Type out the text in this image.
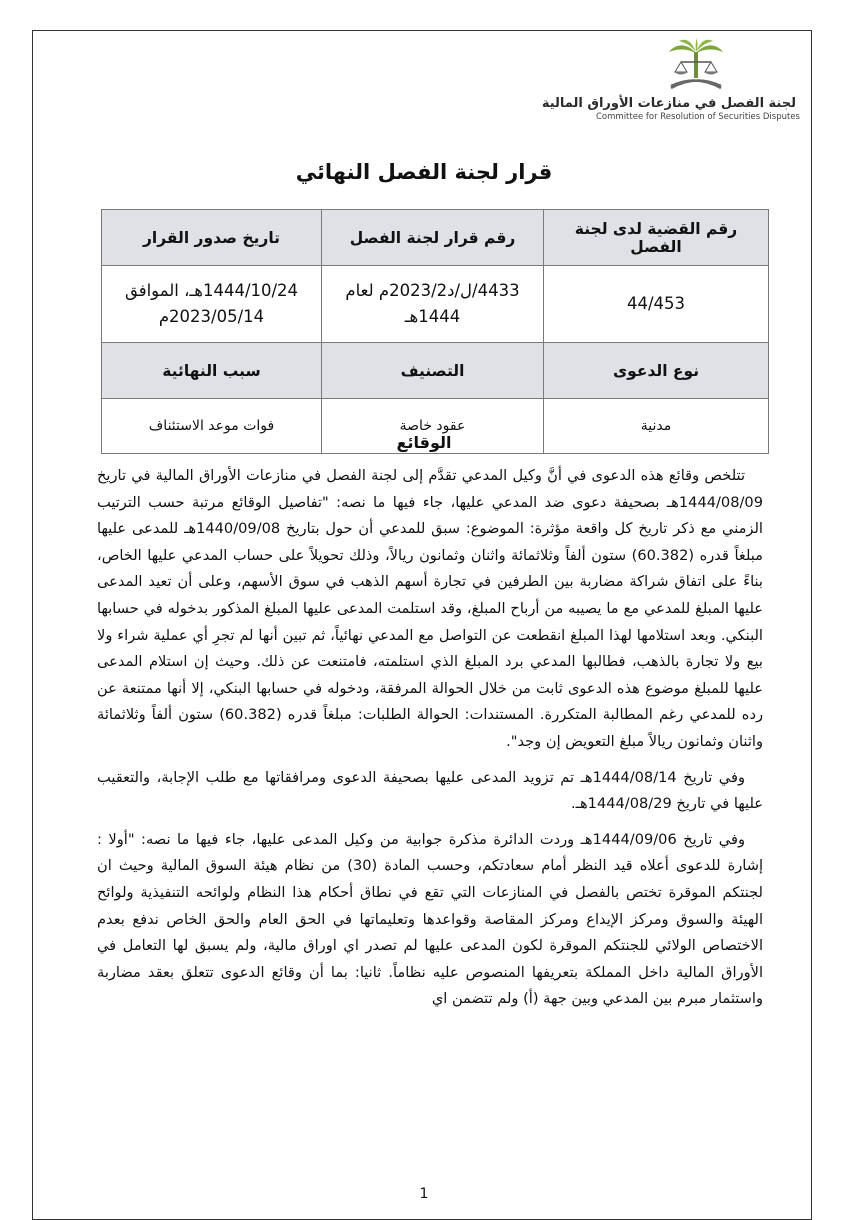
لجنة الفصل في منازعات الأوراق المالية
Committee for Resolution of Securities Disputes
قرار لجنة الفصل النهائي
رقم القضية لدى لجنة الفصل	رقم قرار لجنة الفصل	تاريخ صدور القرار
44/453	4433/ل/د2023/2م لعام 1444هـ	1444/10/24هـ، الموافق 2023/05/14م
نوع الدعوى	التصنيف	سبب النهائية
مدنية	عقود خاصة	فوات موعد الاستئناف
الوقائع

تتلخص وقائع هذه الدعوى في أنَّ وكيل المدعي تقدَّم إلى لجنة الفصل في منازعات الأوراق المالية في تاريخ 1444/08/09هـ بصحيفة دعوى ضد المدعي عليها، جاء فيها ما نصه: "تفاصيل الوقائع مرتبة حسب الترتيب الزمني مع ذكر تاريخ كل واقعة مؤثرة: الموضوع: سبق للمدعي أن حول بتاريخ 1440/09/08هـ للمدعى عليها مبلغاً قدره (60.382) ستون ألفاً وثلاثمائة واثنان وثمانون ريالاً، وذلك تحويلاً على حساب المدعي عليها الخاص، بناءً على اتفاق شراكة مضاربة بين الطرفين في تجارة أسهم الذهب في سوق الأسهم، وعلى أن تعيد المدعى عليها المبلغ للمدعي مع ما يصيبه من أرباح المبلغ، وقد استلمت المدعى عليها المبلغ المذكور بدخوله في حسابها البنكي. وبعد استلامها لهذا المبلغ انقطعت عن التواصل مع المدعي نهائياً، ثم تبين أنها لم تجرِ أي عملية شراء ولا بيع ولا تجارة بالذهب، فطالبها المدعي برد المبلغ الذي استلمته، فامتنعت عن ذلك. وحيث إن استلام المدعى عليها للمبلغ موضوع هذه الدعوى ثابت من خلال الحوالة المرفقة، ودخوله في حسابها البنكي، إلا أنها ممتنعة عن رده للمدعي رغم المطالبة المتكررة. المستندات: الحوالة الطلبات: مبلغاً قدره (60.382) ستون ألفاً وثلاثمائة واثنان وثمانون ريالاً مبلغ التعويض إن وجد".

وفي تاريخ 1444/08/14هـ تم تزويد المدعى عليها بصحيفة الدعوى ومرافقاتها مع طلب الإجابة، والتعقيب عليها في تاريخ 1444/08/29هـ.

وفي تاريخ 1444/09/06هـ وردت الدائرة مذكرة جوابية من وكيل المدعى عليها، جاء فيها ما نصه: "أولا : إشارة للدعوى أعلاه قيد النظر أمام سعادتكم، وحسب المادة (30) من نظام هيئة السوق المالية وحيث ان لجنتكم الموقرة تختص بالفصل في المنازعات التي تقع في نطاق أحكام هذا النظام ولوائحه التنفيذية ولوائح الهيئة والسوق ومركز الإيداع ومركز المقاصة وقواعدها وتعليماتها في الحق العام والحق الخاص ندفع بعدم الاختصاص الولائي للجنتكم الموقرة لكون المدعى عليها لم تصدر اي اوراق مالية، ولم يسبق لها التعامل في الأوراق المالية داخل المملكة بتعريفها المنصوص عليه نظاماً. ثانيا: بما أن وقائع الدعوى تتعلق بعقد مضاربة واستثمار مبرم بين المدعي وبين جهة (أ) ولم تتضمن اي

1
